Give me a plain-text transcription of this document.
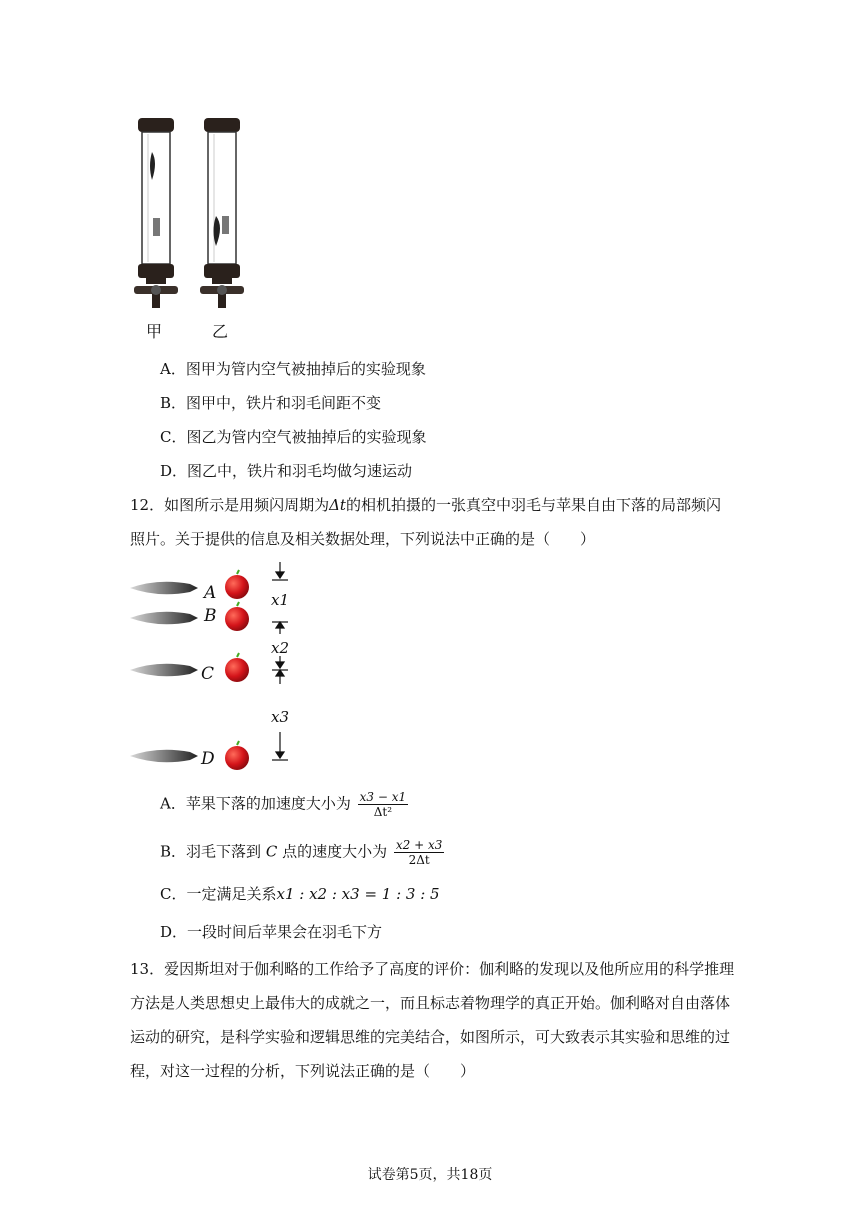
甲	乙
A．图甲为管内空气被抽掉后的实验现象
B．图甲中，铁片和羽毛间距不变
C．图乙为管内空气被抽掉后的实验现象
D．图乙中，铁片和羽毛均做匀速运动
12．如图所示是用频闪周期为Δt的相机拍摄的一张真空中羽毛与苹果自由下落的局部频闪
照片。关于提供的信息及相关数据处理，下列说法中正确的是（　　）
A
B
C
D
x1
x2
x3
A．苹果下落的加速度大小为 $\frac{x3 - x1}{\text{Δt²}}$
B．羽毛下落到 C 点的速度大小为 $\frac{x2 + x3}{2\Delta t}$
C．一定满足关系x1 : x2 : x3 = 1 : 3 : 5
D．一段时间后苹果会在羽毛下方
13．爱因斯坦对于伽利略的工作给予了高度的评价：伽利略的发现以及他所应用的科学推理
方法是人类思想史上最伟大的成就之一，而且标志着物理学的真正开始。伽利略对自由落体
运动的研究，是科学实验和逻辑思维的完美结合，如图所示，可大致表示其实验和思维的过
程，对这一过程的分析，下列说法正确的是（　　）
试卷第5页，共18页
